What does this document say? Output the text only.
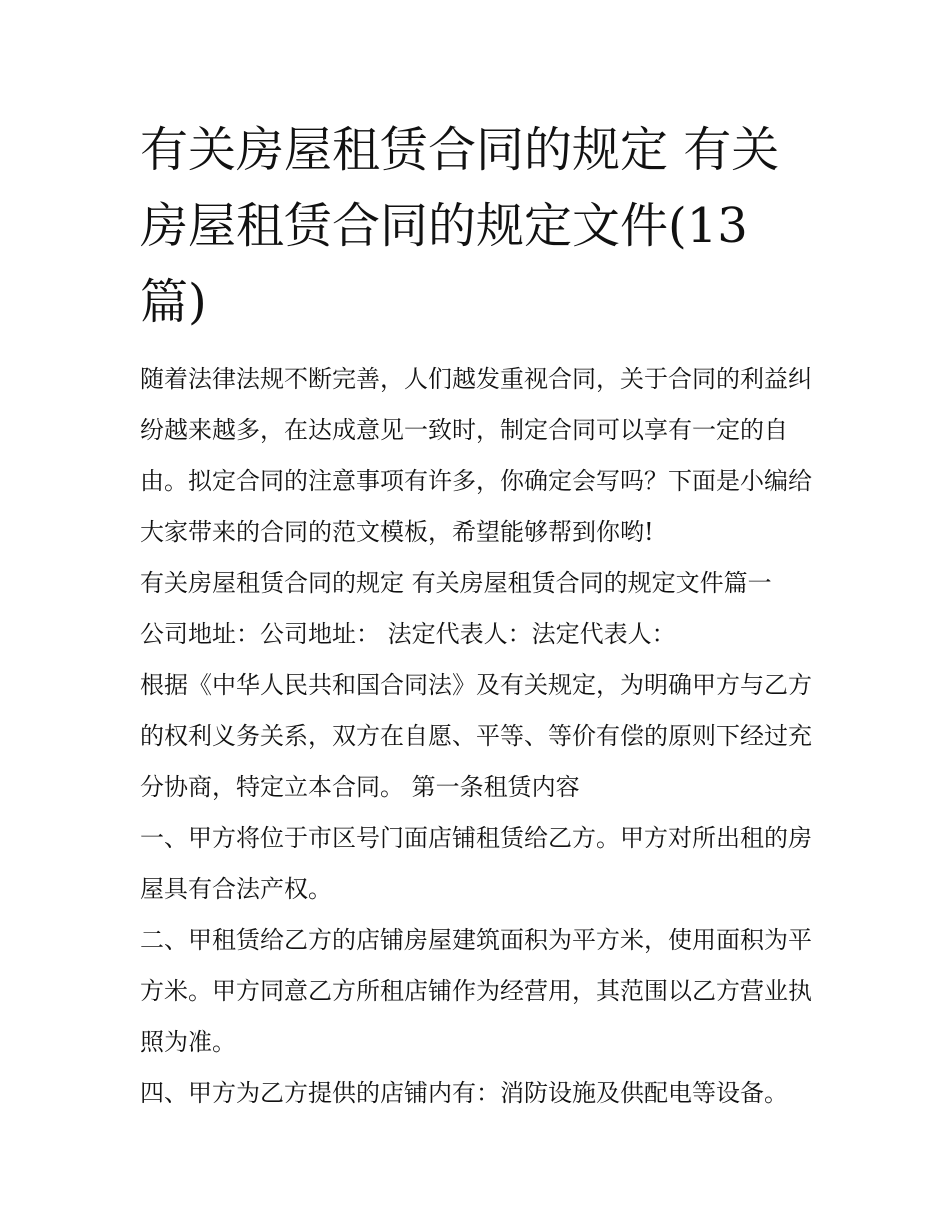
有关房屋租赁合同的规定 有关房屋租赁合同的规定文件(13篇)

随着法律法规不断完善，人们越发重视合同，关于合同的利益纠纷越来越多，在达成意见一致时，制定合同可以享有一定的自由。拟定合同的注意事项有许多，你确定会写吗？下面是小编给大家带来的合同的范文模板，希望能够帮到你哟!

有关房屋租赁合同的规定 有关房屋租赁合同的规定文件篇一

公司地址：公司地址： 法定代表人：法定代表人：

根据《中华人民共和国合同法》及有关规定，为明确甲方与乙方的权利义务关系，双方在自愿、平等、等价有偿的原则下经过充分协商，特定立本合同。 第一条租赁内容

一、甲方将位于市区号门面店铺租赁给乙方。甲方对所出租的房屋具有合法产权。

二、甲租赁给乙方的店铺房屋建筑面积为平方米，使用面积为平方米。甲方同意乙方所租店铺作为经营用，其范围以乙方营业执照为准。

四、甲方为乙方提供的店铺内有：消防设施及供配电等设备。
